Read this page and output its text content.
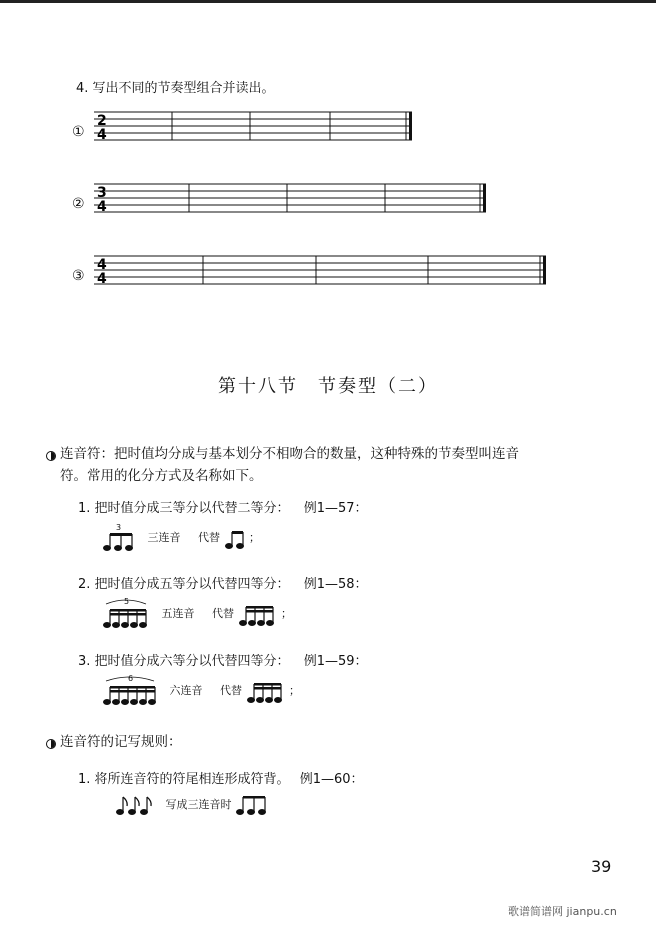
4. 写出不同的节奏型组合并读出。
①
2
4
②
3
4
③
4
4
第十八节　节奏型（二）
连音符：把时值均分成与基本划分不相吻合的数量，这种特殊的节奏型叫连音
符。常用的化分方式及名称如下。
1. 把时值分成三等分以代替二等分： 例1—57：
3
三连音 代替	；
2. 把时值分成五等分以代替四等分： 例1—58：
5
五连音 代替	；
3. 把时值分成六等分以代替四等分： 例1—59：
6
六连音 代替	；
连音符的记写规则：
1. 将所连音符的符尾相连形成符背。 例1—60：
写成三连音时
39
歌谱简谱网 jianpu.cn
